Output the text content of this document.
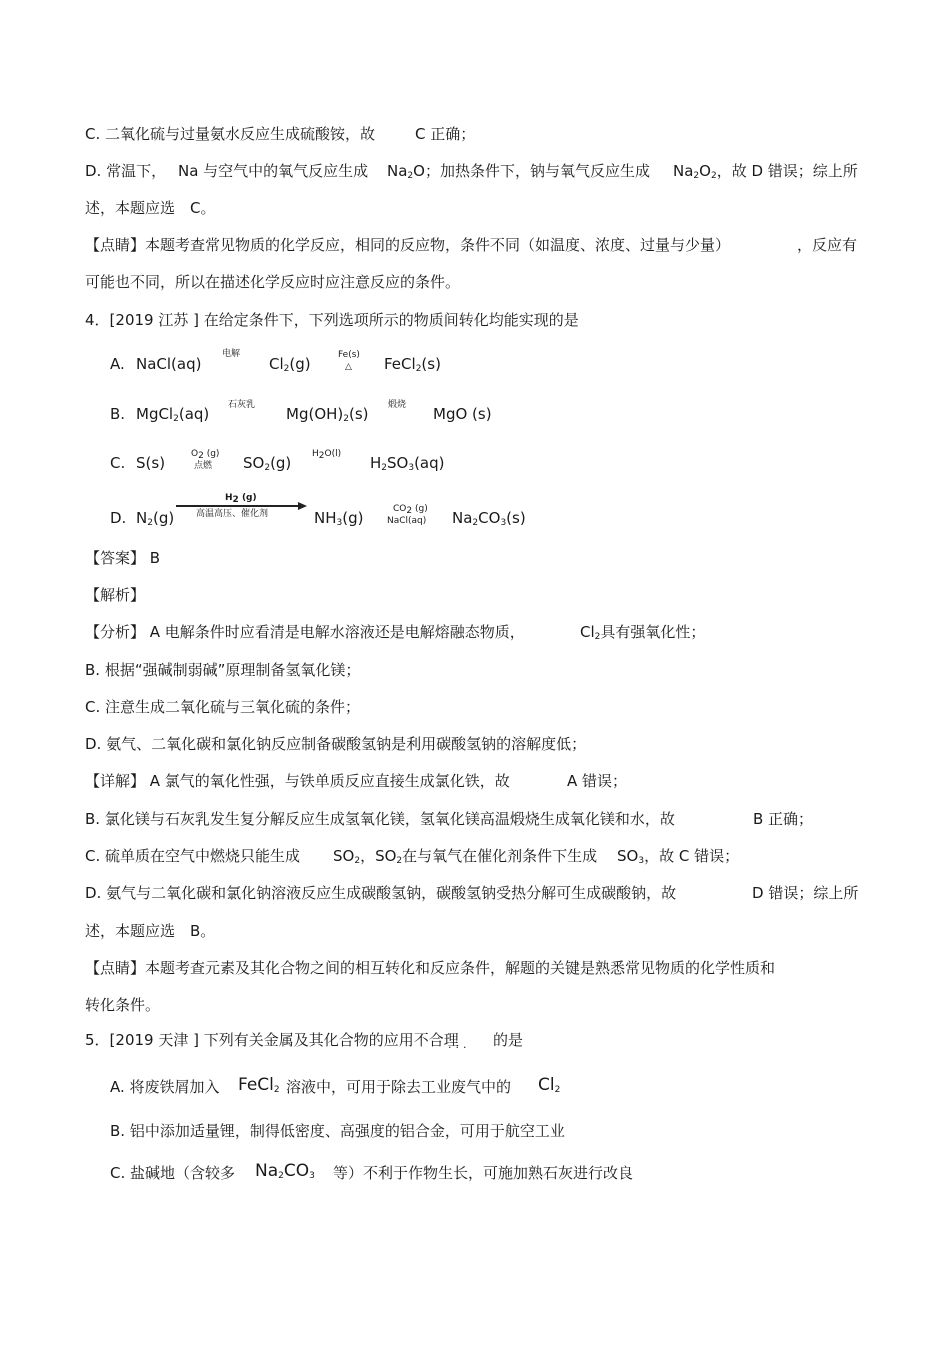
C. 二氧化硫与过量氨水反应生成硫酸铵，故	C 正确；
D. 常温下， Na 与空气中的氧气反应生成 $Na_2O$；加热条件下，钠与氧气反应生成 $Na_2O_2$，故 D 错误；综上所
述，本题应选 C。
【点睛】本题考查常见物质的化学反应，相同的反应物，条件不同（如温度、浓度、过量与少量）	，反应有
可能也不同，所以在描述化学反应时应注意反应的条件。
4．[2019 江苏 ] 在给定条件下，下列选项所示的物质间转化均能实现的是
A. NaCl(aq)
电解
$Cl_2(g)$	Fe(s)
△ FeCl$_2$(s)
B. MgCl$_2$(aq) 石灰乳 $Mg(OH)_2(s)$ 煅烧 MgO (s)
C. S(s)	$O_2$ (g)
点燃 $SO_2(g)$ $H_2O(l)$ $H_2SO_3(aq)$
D. $N_2(g)$
$H_2$ (g)
高温高压、催化剂	$NH_3(g)$	$CO_2$ (g)
NaCl(aq) $Na_2CO_3(s)$
【答案】 B
【解析】
【分析】 A 电解条件时应看清是电解水溶液还是电解熔融态物质，	$Cl_2$具有强氧化性；
B. 根据“强碱制弱碱”原理制备氢氧化镁；
C. 注意生成二氧化硫与三氧化硫的条件；
D. 氨气、二氧化碳和氯化钠反应制备碳酸氢钠是利用碳酸氢钠的溶解度低；
【详解】 A 氯气的氧化性强，与铁单质反应直接生成氯化铁，故	A 错误；
B. 氯化镁与石灰乳发生复分解反应生成氢氧化镁，氢氧化镁高温煅烧生成氧化镁和水，故	B 正确；
C. 硫单质在空气中燃烧只能生成 $SO_2$，$SO_2$在与氧气在催化剂条件下生成 $SO_3$，故 C 错误；
D. 氨气与二氧化碳和氯化钠溶液反应生成碳酸氢钠，碳酸氢钠受热分解可生成碳酸钠，故	D 错误；综上所
述，本题应选 B。
【点睛】本题考查元素及其化合物之间的相互转化和反应条件，解题的关键是熟悉常见物质的化学性质和
转化条件。
5．[2019 天津 ] 下列有关金属及其化合物的应用不合理
··· 的是
A. 将废铁屑加入 FeCl$_2$ 溶液中，可用于除去工业废气中的 $Cl_2$
B. 铝中添加适量锂，制得低密度、高强度的铝合金，可用于航空工业
C. 盐碱地（含较多 $Na_2CO_3$ 等）不利于作物生长，可施加熟石灰进行改良
